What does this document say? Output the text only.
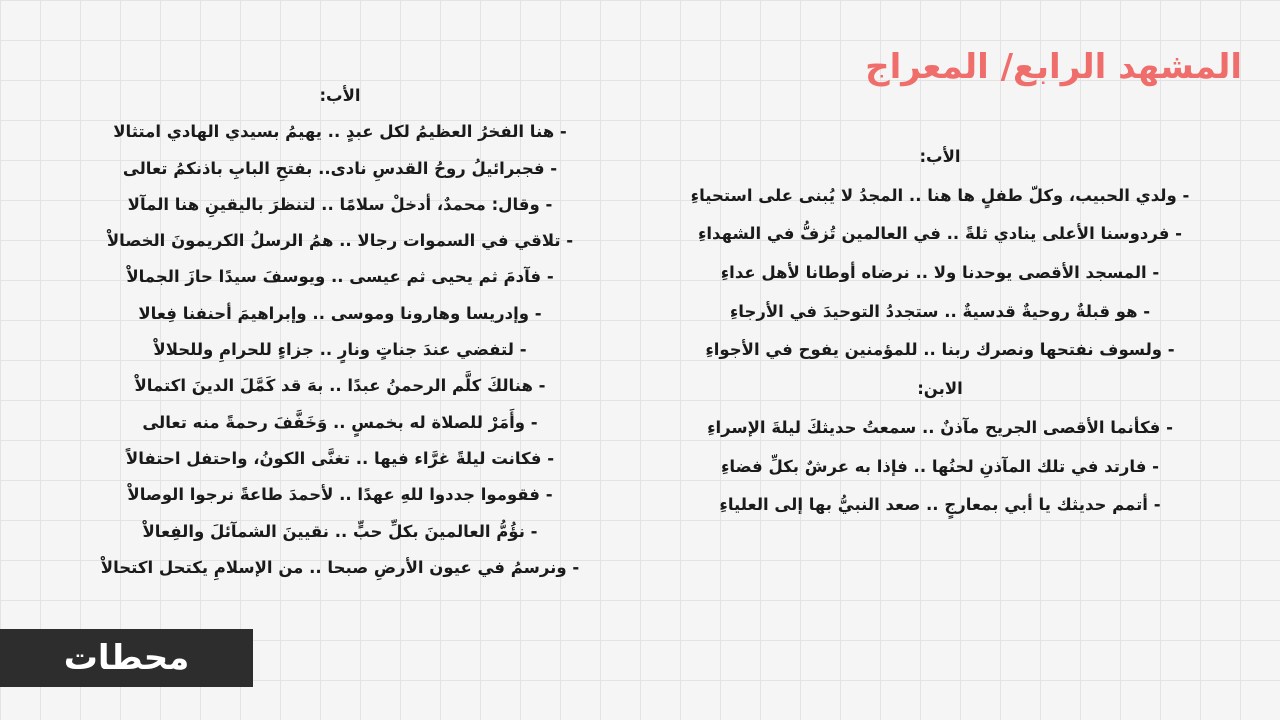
المشهد الرابع/ المعراج
الأب:
- هنا الفخرُ العظيمُ لكل عبدٍ .. يهيمُ بسيدي الهادي امتثالا
- فجبرائيلُ روحُ القدسِ نادى.. بفتحِ البابِ باذنكمُ تعالى
- وقال: محمدٌ، أدخلْ سلامًا .. لتنظرَ باليقينِ هنا المآلا
- تلاقي في السموات رجالا .. همُ الرسلُ الكريمونَ الخصالاْ
- فآدمَ ثم يحيى ثم عيسى .. ويوسفَ سيدًا حازَ الجمالاْ
- وإدريسا وهارونا وموسى .. وإبراهيمَ أحنفنا فِعالا
- لتفضي عندَ جناتٍ ونارٍ .. جزاءٍ للحرامِ وللحلالاْ
- هنالكَ كلَّم الرحمنُ عبدًا .. بهَ قد كَمَّلَ الدينَ اكتمالاْ
- وأَمَرْ للصلاة له بخمسٍ .. وَخَفَّفَ رحمةً منه تعالى
- فكانت ليلةً غرَّاء فيها .. تغنَّى الكونُ، واحتفل احتفالاً
- فقوموا جددوا للهِ عهدًا .. لأحمدَ طاعةً نرجوا الوصالاْ
- نؤُمُّ العالمينَ بكلِّ حبٍّ .. نقيينَ الشمآئلَ والفِعالاْ
- ونرسمُ في عيون الأرضِ صبحا .. من الإسلامِ يكتحل اكتحالاْ
الأب:
- ولدي الحبيب، وكلّ طفلٍ ها هنا .. المجدُ لا يُبنى على استحياءِ
- فردوسنا الأعلى ينادي ثلةً .. في العالمين تُزفُّ في الشهداءِ
- المسجد الأقصى يوحدنا ولا .. نرضاه أوطانا لأهل عداءِ
- هو قبلةٌ روحيةٌ قدسيةٌ .. ستجددُ التوحيدَ في الأرجاءِ
- ولسوف نفتحها ونصرك ربنا .. للمؤمنين يفوح في الأجواءِ
الابن:
- فكأنما الأقصى الجريح مآذنٌ .. سمعتُ حديثكَ ليلةَ الإسراءِ
- فارتد في تلك المآذنِ لحنُها .. فإذا به عرشٌ بكلِّ فضاءِ
- أتمم حديثك يا أبي بمعارجٍ .. صعد النبيُّ بها إلى العلياءِ
محطات
